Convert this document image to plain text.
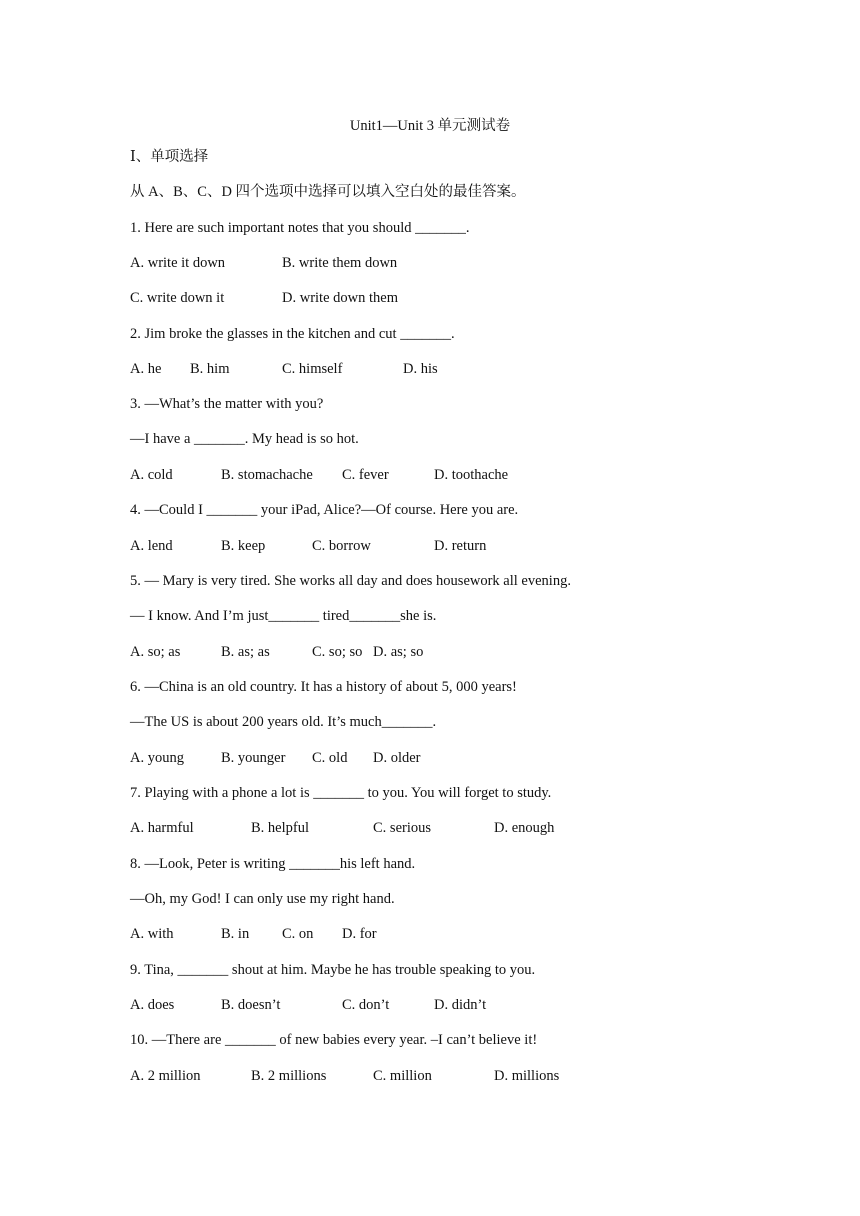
Unit1—Unit 3 单元测试卷
Ⅰ、单项选择
从 A、B、C、D 四个选项中选择可以填入空白处的最佳答案。
1. Here are such important notes that you should _______.
A. write it down	B. write them down
C. write down it	D. write down them
2. Jim broke the glasses in the kitchen and cut _______.
A. he B. him	C. himself	D. his
3. —What’s the matter with you?
—I have a _______. My head is so hot.
A. cold	B. stomachache C. fever	D. toothache
4. —Could I _______ your iPad, Alice?—Of course. Here you are.
A. lend	B. keep	C. borrow	D. return
5. — Mary is very tired. She works all day and does housework all evening.
— I know. And I’m just_______ tired_______she is.
A. so; as	B. as; as	C. so; so D. as; so
6. —China is an old country. It has a history of about 5, 000 years!
—The US is about 200 years old. It’s much_______.
A. young	B. younger C. old D. older
7. Playing with a phone a lot is _______ to you. You will forget to study.
A. harmful	B. helpful	C. serious	D. enough
8. —Look, Peter is writing _______his left hand.
—Oh, my God! I can only use my right hand.
A. with	B. in C. on D. for
9. Tina, _______ shout at him. Maybe he has trouble speaking to you.
A. does	B. doesn’t	C. don’t	D. didn’t
10. —There are _______ of new babies every year. –I can’t believe it!
A. 2 million	B. 2 millions	C. million	D. millions
